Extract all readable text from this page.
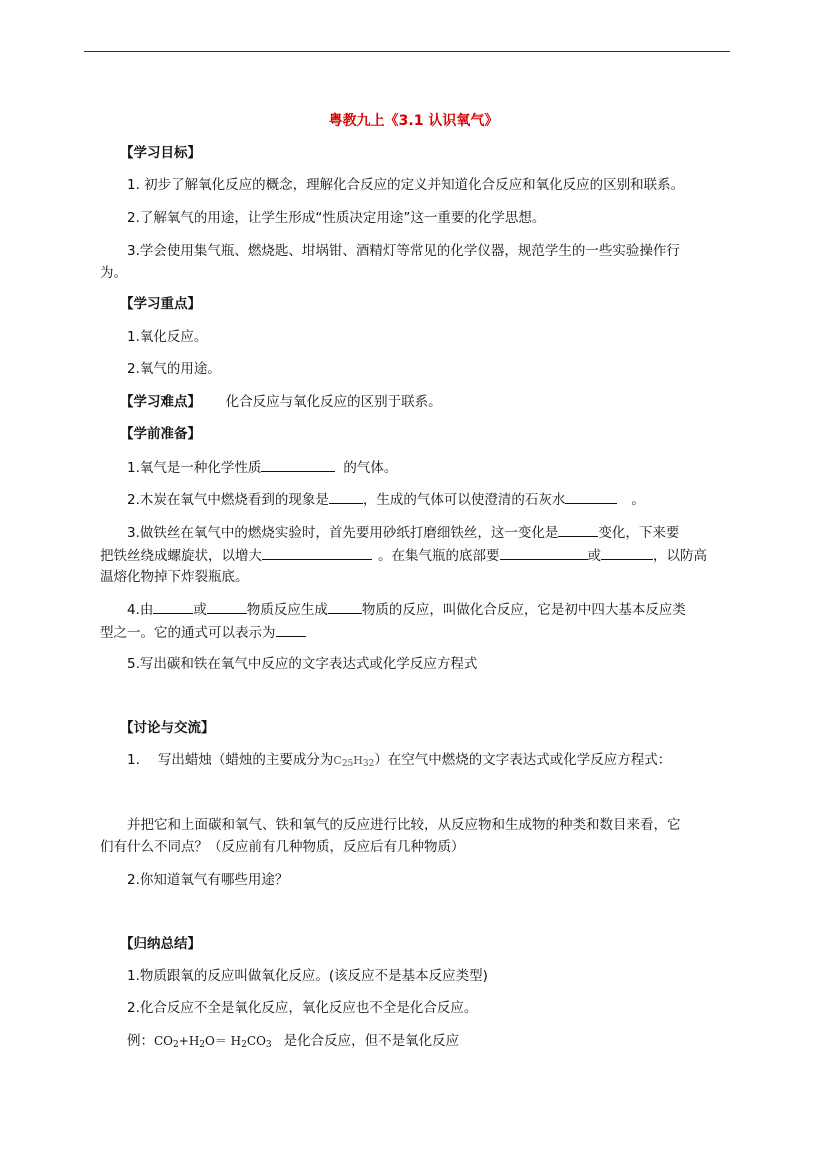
粤教九上《3.1 认识氧气》
【学习目标】
1. 初步了解氧化反应的概念，理解化合反应的定义并知道化合反应和氧化反应的区别和联系。
2.了解氧气的用途，让学生形成“性质决定用途”这一重要的化学思想。
3.学会使用集气瓶、燃烧匙、坩埚钳、酒精灯等常见的化学仪器，规范学生的一些实验操作行
为。
【学习重点】
1.氧化反应。
2.氧气的用途。
【学习难点】 化合反应与氧化反应的区别于联系。
【学前准备】
1.氧气是一种化学性质	的气体。
2.木炭在氧气中燃烧看到的现象是	，生成的气体可以使澄清的石灰水	。
3.做铁丝在氧气中的燃烧实验时，首先要用砂纸打磨细铁丝，这一变化是	变化，下来要
把铁丝绕成螺旋状，以增大	。在集气瓶的底部要	或	，以防高
温熔化物掉下炸裂瓶底。
4.由	或	物质反应生成	物质的反应，叫做化合反应，它是初中四大基本反应类
型之一。它的通式可以表示为
5.写出碳和铁在氧气中反应的文字表达式或化学反应方程式
【讨论与交流】
1. 写出蜡烛（蜡烛的主要成分为$C_{25}H_{32}$）在空气中燃烧的文字表达式或化学反应方程式：
并把它和上面碳和氧气、铁和氧气的反应进行比较，从反应物和生成物的种类和数目来看，它
们有什么不同点？（反应前有几种物质，反应后有几种物质）
2.你知道氧气有哪些用途？
【归纳总结】
1.物质跟氧的反应叫做氧化反应。(该反应不是基本反应类型)
2.化合反应不全是氧化反应，氧化反应也不全是化合反应。
例：$CO_2+H_2O= H_2CO_3$ 是化合反应，但不是氧化反应
